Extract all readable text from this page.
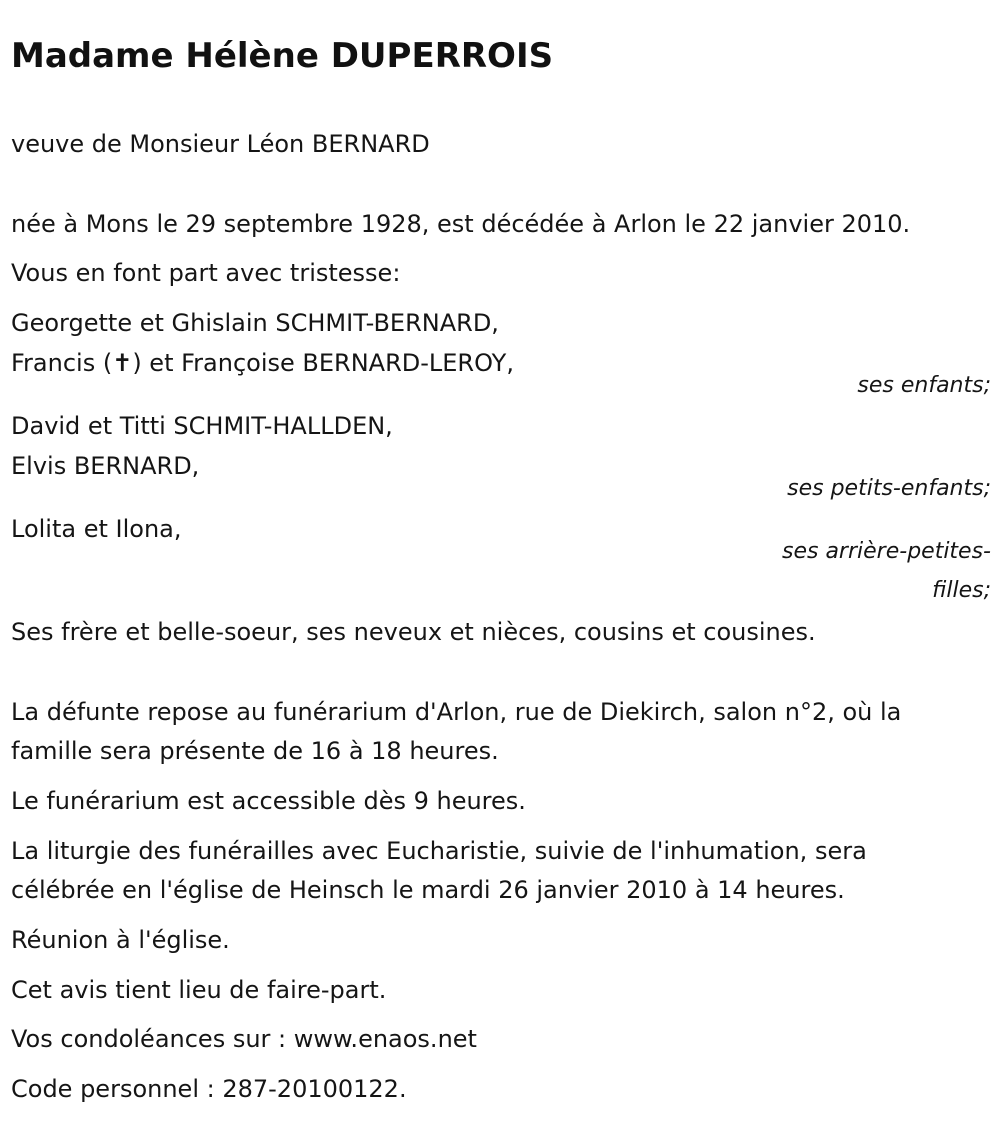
Madame Hélène DUPERROIS
veuve de Monsieur Léon BERNARD
née à Mons le 29 septembre 1928, est décédée à Arlon le 22 janvier 2010.
Vous en font part avec tristesse:
Georgette et Ghislain SCHMIT-BERNARD,
Francis (✝) et Françoise BERNARD-LEROY,
ses enfants;
David et Titti SCHMIT-HALLDEN,
Elvis BERNARD,
ses petits-enfants;
Lolita et Ilona,
ses arrière-petites-
filles;
Ses frère et belle-soeur, ses neveux et nièces, cousins et cousines.
La défunte repose au funérarium d'Arlon, rue de Diekirch, salon n°2, où la
famille sera présente de 16 à 18 heures.
Le funérarium est accessible dès 9 heures.
La liturgie des funérailles avec Eucharistie, suivie de l'inhumation, sera
célébrée en l'église de Heinsch le mardi 26 janvier 2010 à 14 heures.
Réunion à l'église.
Cet avis tient lieu de faire-part.
Vos condoléances sur : www.enaos.net
Code personnel : 287-20100122.
